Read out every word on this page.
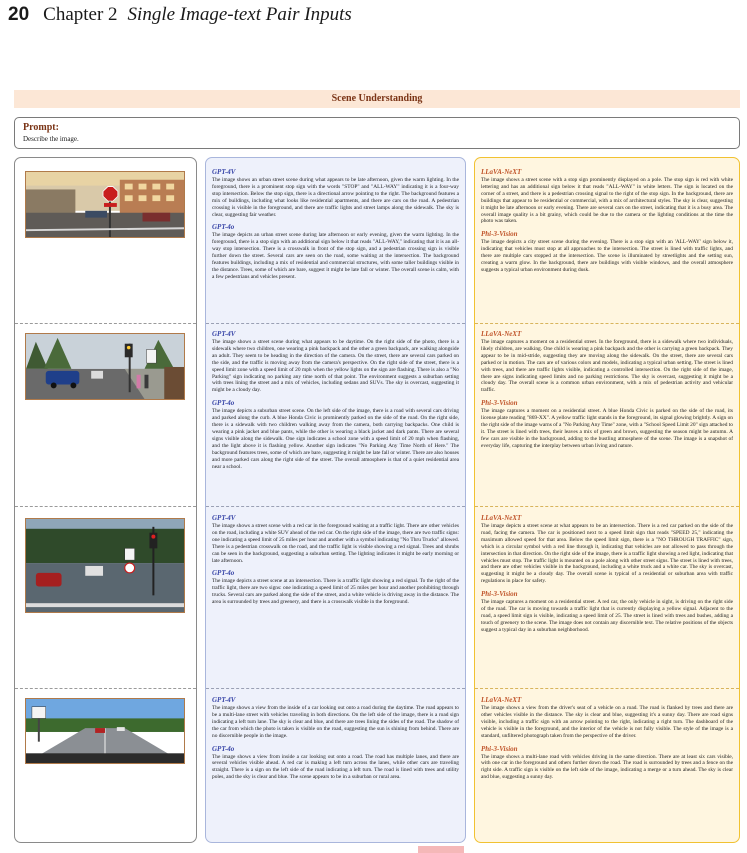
20 Chapter 2 Single Image-text Pair Inputs
Scene Understanding
Prompt:
Describe the image.
GPT-4V

The image shows an urban street scene during what appears to be late afternoon, given the warm lighting. In the foreground, there is a prominent stop sign with the words "STOP" and "ALL-WAY" indicating it is a four-way stop intersection. Below the stop sign, there is a directional arrow pointing to the right. The background features a mix of buildings, including what looks like residential apartments, and there are cars on the road. A pedestrian crossing is visible in the foreground, and there are traffic lights and street lamps along the sidewalk. The sky is clear, suggesting fair weather.

GPT-4o

The image depicts an urban street scene during late afternoon or early evening, given the warm lighting. In the foreground, there is a stop sign with an additional sign below it that reads "ALL-WAY," indicating that it is an all-way stop intersection. There is a crosswalk in front of the stop sign, and a pedestrian crossing sign is visible further down the street. Several cars are seen on the road, some waiting at the intersection. The background features buildings, including a mix of residential and commercial structures, with some taller buildings visible in the distance. Trees, some of which are bare, suggest it might be late fall or winter. The overall scene is calm, with a few pedestrians and vehicles present.

GPT-4V

The image shows a street scene during what appears to be daytime. On the right side of the photo, there is a sidewalk where two children, one wearing a pink backpack and the other a green backpack, are walking alongside an adult. They seem to be heading in the direction of the camera. On the street, there are several cars parked on the side, and the traffic is moving away from the camera's perspective. On the right side of the street, there is a speed limit zone with a speed limit of 20 mph when the yellow lights on the sign are flashing. There is also a "No Parking" sign indicating no parking any time north of that point. The environment suggests a suburban setting with trees lining the street and a mix of vehicles, including sedans and SUVs. The sky is overcast, suggesting it might be a cloudy day.

GPT-4o

The image depicts a suburban street scene. On the left side of the image, there is a road with several cars driving and parked along the curb. A blue Honda Civic is prominently parked on the side of the road. On the right side, there is a sidewalk with two children walking away from the camera, both carrying backpacks. One child is wearing a pink jacket and blue pants, while the other is wearing a black jacket and dark pants. There are several signs visible along the sidewalk. One sign indicates a school zone with a speed limit of 20 mph when flashing, and the light above it is flashing yellow. Another sign indicates "No Parking Any Time North of Here." The background features trees, some of which are bare, suggesting it might be late fall or winter. There are also houses and more parked cars along the right side of the street. The overall atmosphere is that of a quiet residential area near a school.

GPT-4V

The image shows a street scene with a red car in the foreground waiting at a traffic light. There are other vehicles on the road, including a white SUV ahead of the red car. On the right side of the image, there are two traffic signs: one indicating a speed limit of 25 miles per hour and another with a symbol indicating "No Thru Trucks" allowed. There is a pedestrian crosswalk on the road, and the traffic light is visible showing a red signal. Trees and shrubs can be seen in the background, suggesting a suburban setting. The lighting indicates it might be early morning or late afternoon.

GPT-4o

The image depicts a street scene at an intersection. There is a traffic light showing a red signal. To the right of the traffic light, there are two signs: one indicating a speed limit of 25 miles per hour and another prohibiting through trucks. Several cars are parked along the side of the street, and a white vehicle is driving away in the distance. The area is surrounded by trees and greenery, and there is a crosswalk visible in the foreground.

GPT-4V

The image shows a view from the inside of a car looking out onto a road during the daytime. The road appears to be a multi-lane street with vehicles traveling in both directions. On the left side of the image, there is a road sign indicating a left turn lane. The sky is clear and blue, and there are trees lining the sides of the road. The shadow of the car from which the photo is taken is visible on the road, suggesting the sun is shining from behind. There are no discernible people in the image.

GPT-4o

The image shows a view from inside a car looking out onto a road. The road has multiple lanes, and there are several vehicles visible ahead. A red car is making a left turn across the lanes, while other cars are traveling straight. There is a sign on the left side of the road indicating a left turn. The road is lined with trees and utility poles, and the sky is clear and blue. The scene appears to be in a suburban or rural area.

LLaVA-NeXT

The image shows a street scene with a stop sign prominently displayed on a pole. The stop sign is red with white lettering and has an additional sign below it that reads "ALL-WAY" in white letters. The sign is located on the corner of a street, and there is a pedestrian crossing signal to the right of the stop sign. In the background, there are buildings that appear to be residential or commercial, with a mix of architectural styles. The sky is clear, suggesting it might be late afternoon or early evening. There are several cars on the street, indicating that it is a busy area. The overall image quality is a bit grainy, which could be due to the camera or the lighting conditions at the time the photo was taken.

Phi-3-Vision

The image depicts a city street scene during the evening. There is a stop sign with an 'ALL-WAY' sign below it, indicating that vehicles must stop at all approaches to the intersection. The street is lined with traffic lights, and there are multiple cars stopped at the intersection. The scene is illuminated by streetlights and the setting sun, creating a warm glow. In the background, there are buildings with visible windows, and the overall atmosphere suggests a typical urban environment during dusk.

LLaVA-NeXT

The image captures a moment on a residential street. In the foreground, there is a sidewalk where two individuals, likely children, are walking. One child is wearing a pink backpack and the other is carrying a green backpack. They appear to be in mid-stride, suggesting they are moving along the sidewalk. On the street, there are several cars parked or in motion. The cars are of various colors and models, indicating a typical urban setting. The street is lined with trees, and there are traffic lights visible, indicating a controlled intersection. On the right side of the image, there are signs indicating speed limits and no parking restrictions. The sky is overcast, suggesting it might be a cloudy day. The overall scene is a common urban environment, with a mix of pedestrian activity and vehicular traffic.

Phi-3-Vision

The image captures a moment on a residential street. A blue Honda Civic is parked on the side of the road, its license plate reading "869-XX". A yellow traffic light stands in the foreground, its signal glowing brightly. A sign on the right side of the image warns of a "No Parking Any Time" zone, with a "School Speed Limit 20" sign attached to it. The street is lined with trees, their leaves a mix of green and brown, suggesting the season might be autumn. A few cars are visible in the background, adding to the bustling atmosphere of the scene. The image is a snapshot of everyday life, capturing the interplay between urban living and nature.

LLaVA-NeXT

The image depicts a street scene at what appears to be an intersection. There is a red car parked on the side of the road, facing the camera. The car is positioned next to a speed limit sign that reads "SPEED 25," indicating the maximum allowed speed for that area. Below the speed limit sign, there is a "NO THROUGH TRAFFIC" sign, which is a circular symbol with a red line through it, indicating that vehicles are not allowed to pass through the intersection in that direction. On the right side of the image, there is a traffic light showing a red light, indicating that vehicles must stop. The traffic light is mounted on a pole along with other street signs. The street is lined with trees, and there are other vehicles visible in the background, including a white truck and a white car. The sky is overcast, suggesting it might be a cloudy day. The overall scene is typical of a residential or suburban area with traffic regulations in place for safety.

Phi-3-Vision

The image captures a moment on a residential street. A red car, the only vehicle in sight, is driving on the right side of the road. The car is moving towards a traffic light that is currently displaying a yellow signal. Adjacent to the road, a speed limit sign is visible, indicating a speed limit of 25. The street is lined with trees and bushes, adding a touch of greenery to the scene. The image does not contain any discernible text. The relative positions of the objects suggest a typical day in a suburban neighborhood.

LLaVA-NeXT

The image shows a view from the driver's seat of a vehicle on a road. The road is flanked by trees and there are other vehicles visible in the distance. The sky is clear and blue, suggesting it's a sunny day. There are road signs visible, including a traffic sign with an arrow pointing to the right, indicating a right turn. The dashboard of the vehicle is visible in the foreground, and the interior of the vehicle is not fully visible. The style of the image is a standard, unfiltered photograph taken from the perspective of the driver.

Phi-3-Vision

The image shows a multi-lane road with vehicles driving in the same direction. There are at least six cars visible, with one car in the foreground and others further down the road. The road is surrounded by trees and a fence on the right side. A traffic sign is visible on the left side of the image, indicating a merge or a turn ahead. The sky is clear and blue, suggesting a sunny day.
